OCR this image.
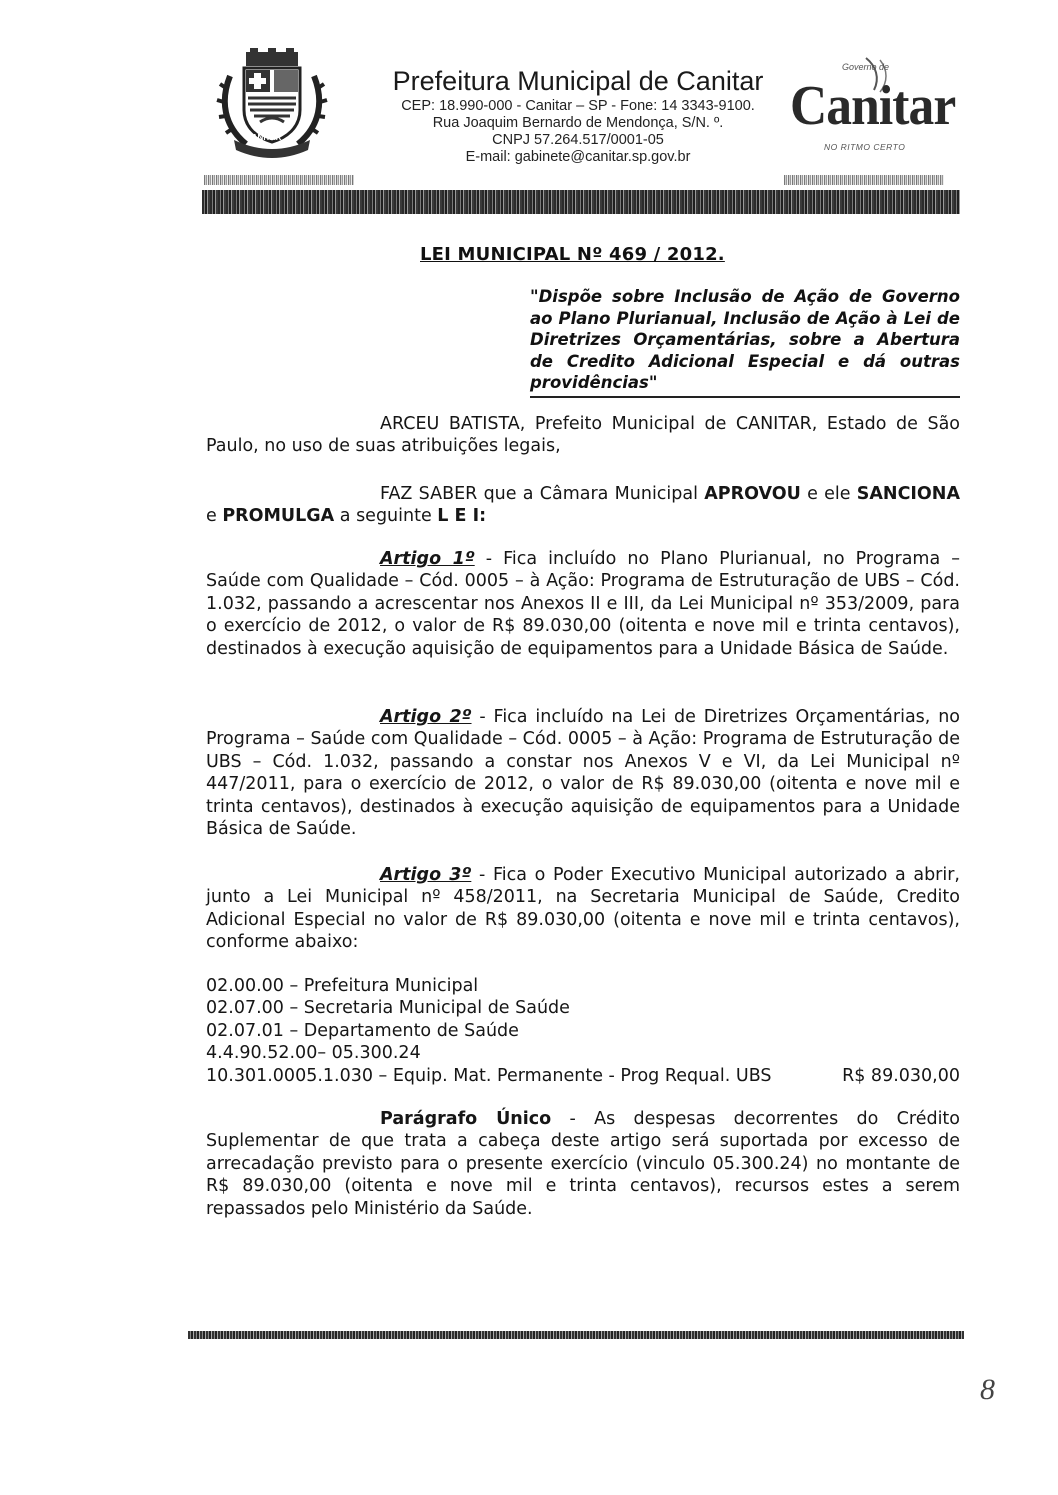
CANITAR
Prefeitura Municipal de Canitar
CEP: 18.990-000 - Canitar – SP - Fone: 14 3343-9100.
Rua Joaquim Bernardo de Mendonça, S/N. º.
CNPJ 57.264.517/0001-05
E-mail: gabinete@canitar.sp.gov.br
Governo de
Canitar
NO RITMO CERTO
LEI MUNICIPAL Nº 469 / 2012.
"Dispõe sobre Inclusão de Ação de Governo ao Plano Plurianual, Inclusão de Ação à Lei de Diretrizes Orçamentárias, sobre a Abertura de Credito Adicional Especial e dá outras providências"

ARCEU BATISTA, Prefeito Municipal de CANITAR, Estado de São Paulo, no uso de suas atribuições legais,

FAZ SABER que a Câmara Municipal APROVOU e ele SANCIONA e PROMULGA a seguinte L E I:

Artigo 1º - Fica incluído no Plano Plurianual, no Programa – Saúde com Qualidade – Cód. 0005 – à Ação: Programa de Estruturação de UBS – Cód. 1.032, passando a acrescentar nos Anexos II e III, da Lei Municipal nº 353/2009, para o exercício de 2012, o valor de R$ 89.030,00 (oitenta e nove mil e trinta centavos), destinados à execução aquisição de equipamentos para a Unidade Básica de Saúde.

Artigo 2º - Fica incluído na Lei de Diretrizes Orçamentárias, no Programa – Saúde com Qualidade – Cód. 0005 – à Ação: Programa de Estruturação de UBS – Cód. 1.032, passando a constar nos Anexos V e VI, da Lei Municipal nº 447/2011, para o exercício de 2012, o valor de R$ 89.030,00 (oitenta e nove mil e trinta centavos), destinados à execução aquisição de equipamentos para a Unidade Básica de Saúde.

Artigo 3º - Fica o Poder Executivo Municipal autorizado a abrir, junto a Lei Municipal nº 458/2011, na Secretaria Municipal de Saúde, Credito Adicional Especial no valor de R$ 89.030,00 (oitenta e nove mil e trinta centavos), conforme abaixo:

02.00.00 – Prefeitura Municipal
02.07.00 – Secretaria Municipal de Saúde
02.07.01 – Departamento de Saúde
4.4.90.52.00– 05.300.24
10.301.0005.1.030 – Equip. Mat. Permanente - Prog Requal. UBS	R$ 89.030,00

Parágrafo Único - As despesas decorrentes do Crédito Suplementar de que trata a cabeça deste artigo será suportada por excesso de arrecadação previsto para o presente exercício (vinculo 05.300.24) no montante de R$ 89.030,00 (oitenta e nove mil e trinta centavos), recursos estes a serem repassados pelo Ministério da Saúde.

8
